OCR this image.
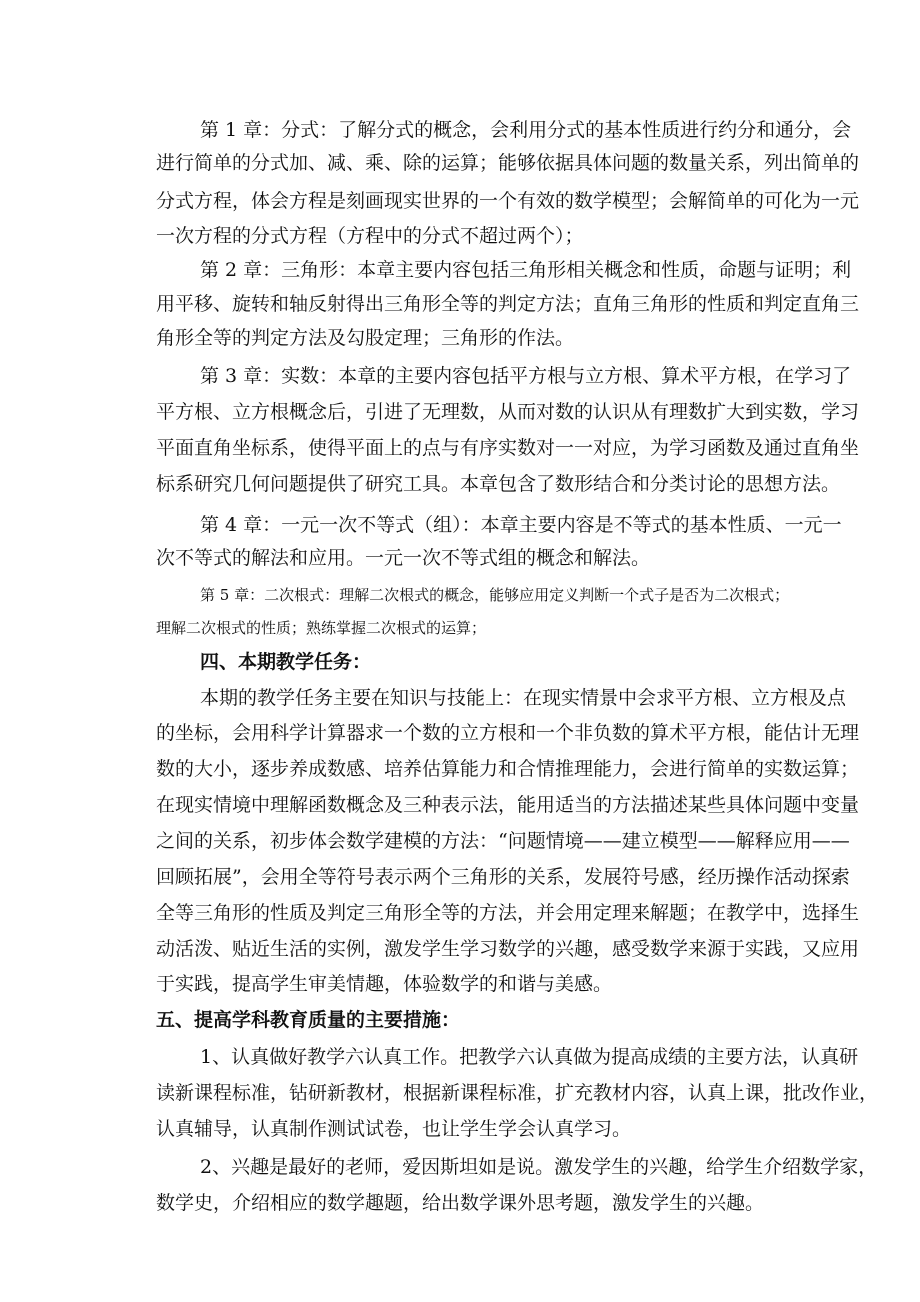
第 1 章：分式：了解分式的概念，会利用分式的基本性质进行约分和通分，会
进行简单的分式加、减、乘、除的运算；能够依据具体问题的数量关系，列出简单的
分式方程，体会方程是刻画现实世界的一个有效的数学模型；会解简单的可化为一元
一次方程的分式方程（方程中的分式不超过两个）；
第 2 章：三角形：本章主要内容包括三角形相关概念和性质，命题与证明；利
用平移、旋转和轴反射得出三角形全等的判定方法；直角三角形的性质和判定直角三
角形全等的判定方法及勾股定理；三角形的作法。
第 3 章：实数：本章的主要内容包括平方根与立方根、算术平方根，在学习了
平方根、立方根概念后，引进了无理数，从而对数的认识从有理数扩大到实数，学习
平面直角坐标系，使得平面上的点与有序实数对一一对应，为学习函数及通过直角坐
标系研究几何问题提供了研究工具。本章包含了数形结合和分类讨论的思想方法。
第 4 章：一元一次不等式（组）：本章主要内容是不等式的基本性质、一元一
次不等式的解法和应用。一元一次不等式组的概念和解法。
第 5 章：二次根式：理解二次根式的概念，能够应用定义判断一个式子是否为二次根式；
理解二次根式的性质；熟练掌握二次根式的运算；
四、本期教学任务：
本期的教学任务主要在知识与技能上：在现实情景中会求平方根、立方根及点
的坐标，会用科学计算器求一个数的立方根和一个非负数的算术平方根，能估计无理
数的大小，逐步养成数感、培养估算能力和合情推理能力，会进行简单的实数运算；
在现实情境中理解函数概念及三种表示法，能用适当的方法描述某些具体问题中变量
之间的关系，初步体会数学建模的方法：“问题情境——建立模型——解释应用——
回顾拓展”，会用全等符号表示两个三角形的关系，发展符号感，经历操作活动探索
全等三角形的性质及判定三角形全等的方法，并会用定理来解题；在教学中，选择生
动活泼、贴近生活的实例，激发学生学习数学的兴趣，感受数学来源于实践，又应用
于实践，提高学生审美情趣，体验数学的和谐与美感。
五、提高学科教育质量的主要措施：
1、认真做好教学六认真工作。把教学六认真做为提高成绩的主要方法，认真研
读新课程标准，钻研新教材，根据新课程标准，扩充教材内容，认真上课，批改作业，
认真辅导，认真制作测试试卷，也让学生学会认真学习。
2、兴趣是最好的老师，爱因斯坦如是说。激发学生的兴趣，给学生介绍数学家，
数学史，介绍相应的数学趣题，给出数学课外思考题，激发学生的兴趣。
